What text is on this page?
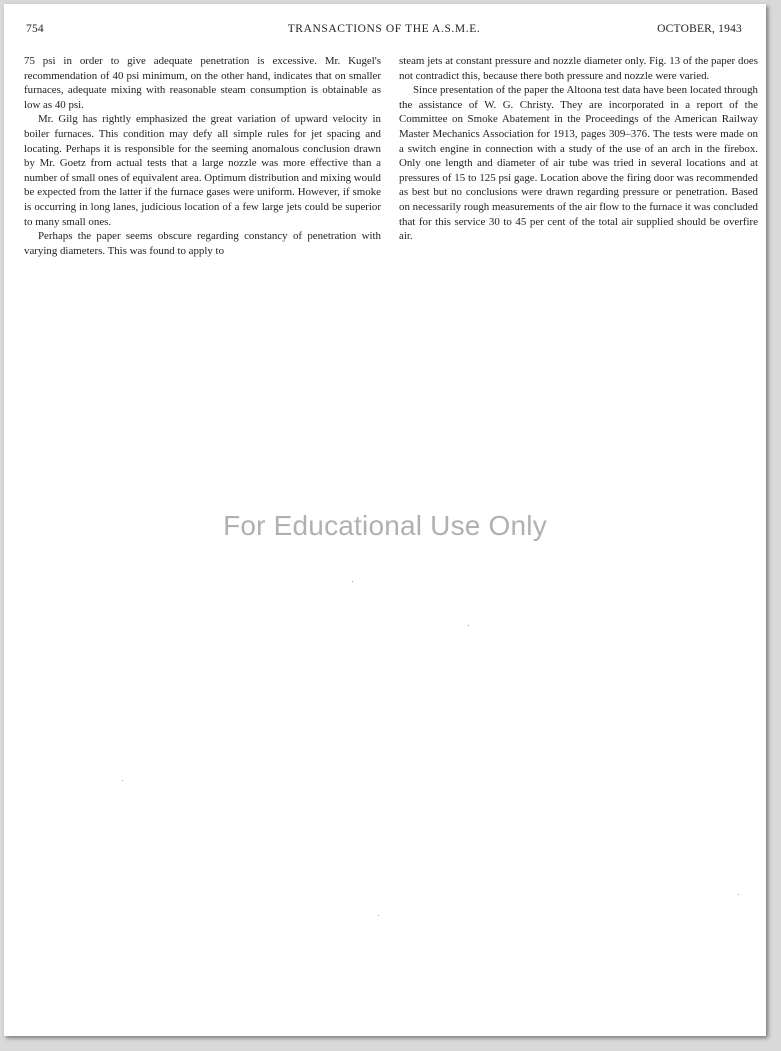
754	TRANSACTIONS OF THE A.S.M.E.	OCTOBER, 1943

75 psi in order to give adequate penetration is excessive. Mr. Kugel's recommendation of 40 psi minimum, on the other hand, indicates that on smaller furnaces, adequate mixing with reasonable steam consumption is obtainable as low as 40 psi.

Mr. Gilg has rightly emphasized the great variation of upward velocity in boiler furnaces. This condition may defy all simple rules for jet spacing and locating. Perhaps it is responsible for the seeming anomalous conclusion drawn by Mr. Goetz from actual tests that a large nozzle was more effective than a number of small ones of equivalent area. Optimum distribution and mixing would be expected from the latter if the furnace gases were uniform. However, if smoke is occurring in long lanes, judicious location of a few large jets could be superior to many small ones.

Perhaps the paper seems obscure regarding constancy of penetration with varying diameters. This was found to apply to

steam jets at constant pressure and nozzle diameter only. Fig. 13 of the paper does not contradict this, because there both pressure and nozzle were varied.

Since presentation of the paper the Altoona test data have been located through the assistance of W. G. Christy. They are incorporated in a report of the Committee on Smoke Abatement in the Proceedings of the American Railway Master Mechanics Association for 1913, pages 309–376. The tests were made on a switch engine in connection with a study of the use of an arch in the firebox. Only one length and diameter of air tube was tried in several locations and at pressures of 15 to 125 psi gage. Location above the firing door was recommended as best but no conclusions were drawn regarding pressure or penetration. Based on necessarily rough measurements of the air flow to the furnace it was concluded that for this service 30 to 45 per cent of the total air supplied should be overfire air.

For Educational Use Only
